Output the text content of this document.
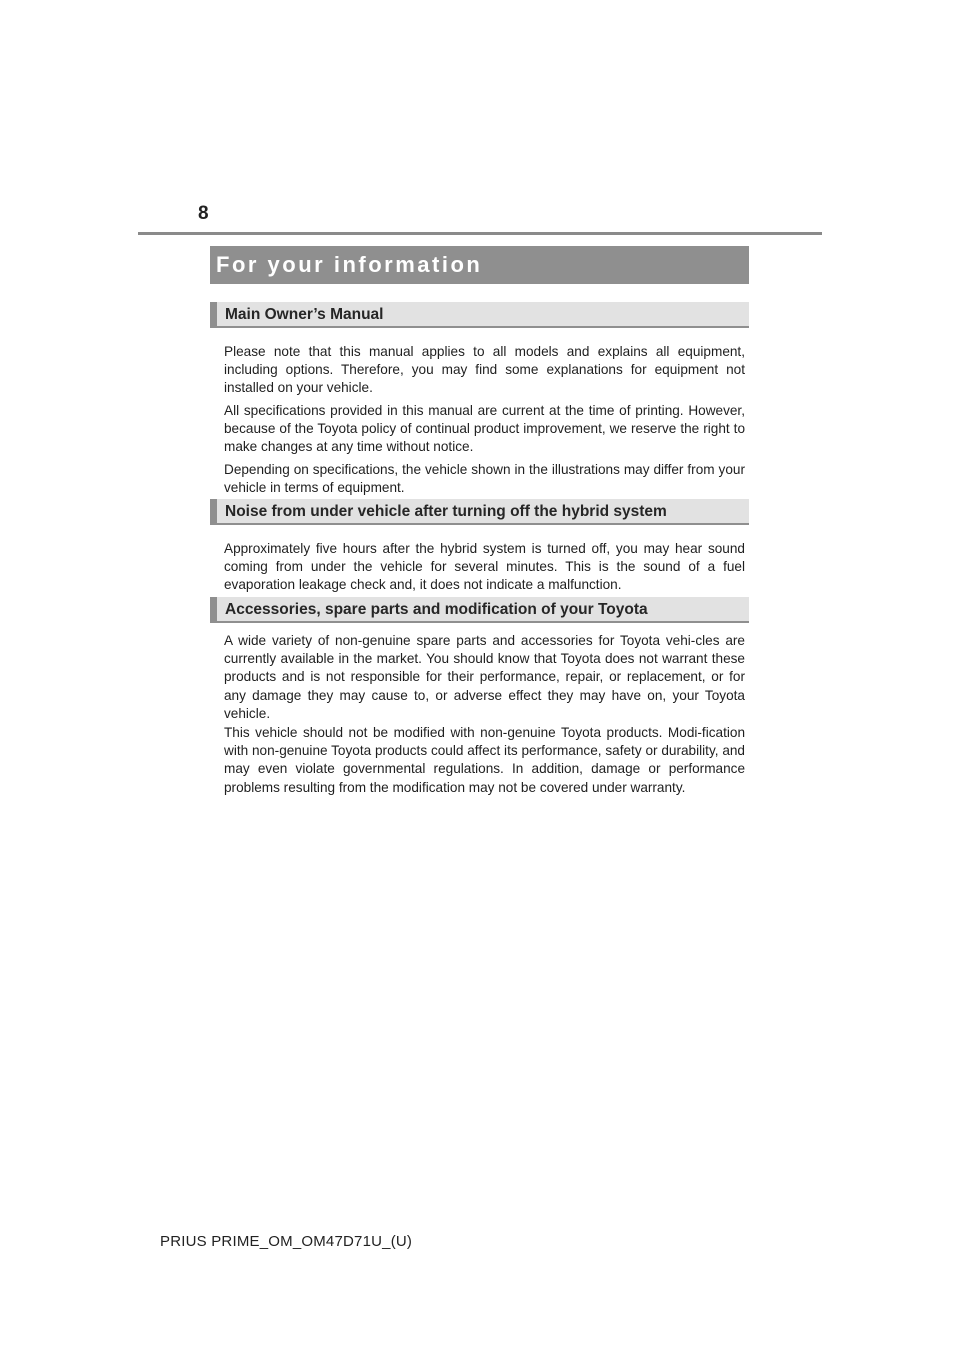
8
For your information
Main Owner’s Manual

Please note that this manual applies to all models and explains all equipment, including options. Therefore, you may find some explanations for equipment not installed on your vehicle.

All specifications provided in this manual are current at the time of printing. However, because of the Toyota policy of continual product improvement, we reserve the right to make changes at any time without notice.

Depending on specifications, the vehicle shown in the illustrations may differ from your vehicle in terms of equipment.

Noise from under vehicle after turning off the hybrid system

Approximately five hours after the hybrid system is turned off, you may hear sound coming from under the vehicle for several minutes. This is the sound of a fuel evaporation leakage check and, it does not indicate a malfunction.

Accessories, spare parts and modification of your Toyota

A wide variety of non-genuine spare parts and accessories for Toyota vehi-cles are currently available in the market. You should know that Toyota does not warrant these products and is not responsible for their performance, repair, or replacement, or for any damage they may cause to, or adverse effect they may have on, your Toyota vehicle.

This vehicle should not be modified with non-genuine Toyota products. Modi-fication with non-genuine Toyota products could affect its performance, safety or durability, and may even violate governmental regulations. In addition, damage or performance problems resulting from the modification may not be covered under warranty.

PRIUS PRIME_OM_OM47D71U_(U)
